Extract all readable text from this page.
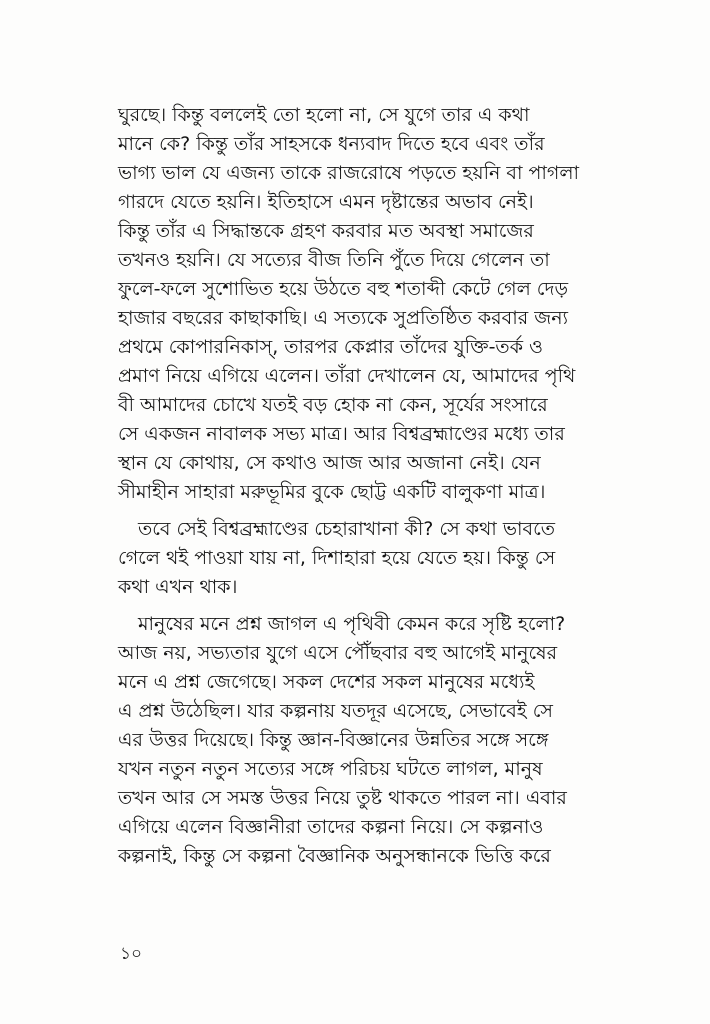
ঘুরছে। কিন্তু বললেই তো হলো না, সে যুগে তার এ কথা
মানে কে? কিন্তু তাঁর সাহসকে ধন্যবাদ দিতে হবে এবং তাঁর
ভাগ্য ভাল যে এজন্য তাকে রাজরোষে পড়তে হয়নি বা পাগলা
গারদে যেতে হয়নি। ইতিহাসে এমন দৃষ্টান্তের অভাব নেই।
কিন্তু তাঁর এ সিদ্ধান্তকে গ্রহণ করবার মত অবস্থা সমাজের
তখনও হয়নি। যে সত্যের বীজ তিনি পুঁতে দিয়ে গেলেন তা
ফুলে-ফলে সুশোভিত হয়ে উঠতে বহু শতাব্দী কেটে গেল দেড়
হাজার বছরের কাছাকাছি। এ সত্যকে সুপ্রতিষ্ঠিত করবার জন্য
প্রথমে কোপারনিকাস্, তারপর কেপ্লার তাঁদের যুক্তি-তর্ক ও
প্রমাণ নিয়ে এগিয়ে এলেন। তাঁরা দেখালেন যে, আমাদের পৃথি
বী আমাদের চোখে যতই বড় হোক না কেন, সূর্যের সংসারে
সে একজন নাবালক সভ্য মাত্র। আর বিশ্বব্রহ্মাণ্ডের মধ্যে তার
স্থান যে কোথায়, সে কথাও আজ আর অজানা নেই। যেন
সীমাহীন সাহারা মরুভূমির বুকে ছোট্ট একটি বালুকণা মাত্র।

তবে সেই বিশ্বব্রহ্মাণ্ডের চেহারাখানা কী? সে কথা ভাবতে
গেলে থই পাওয়া যায় না, দিশাহারা হয়ে যেতে হয়। কিন্তু সে
কথা এখন থাক।

মানুষের মনে প্রশ্ন জাগল এ পৃথিবী কেমন করে সৃষ্টি হলো?
আজ নয়, সভ্যতার যুগে এসে পৌঁছবার বহু আগেই মানুষের
মনে এ প্রশ্ন জেগেছে। সকল দেশের সকল মানুষের মধ্যেই
এ প্রশ্ন উঠেছিল। যার কল্পনায় যতদূর এসেছে, সেভাবেই সে
এর উত্তর দিয়েছে। কিন্তু জ্ঞান-বিজ্ঞানের উন্নতির সঙ্গে সঙ্গে
যখন নতুন নতুন সত্যের সঙ্গে পরিচয় ঘটতে লাগল, মানুষ
তখন আর সে সমস্ত উত্তর নিয়ে তুষ্ট থাকতে পারল না। এবার
এগিয়ে এলেন বিজ্ঞানীরা তাদের কল্পনা নিয়ে। সে কল্পনাও
কল্পনাই, কিন্তু সে কল্পনা বৈজ্ঞানিক অনুসন্ধানকে ভিত্তি করে

১০
